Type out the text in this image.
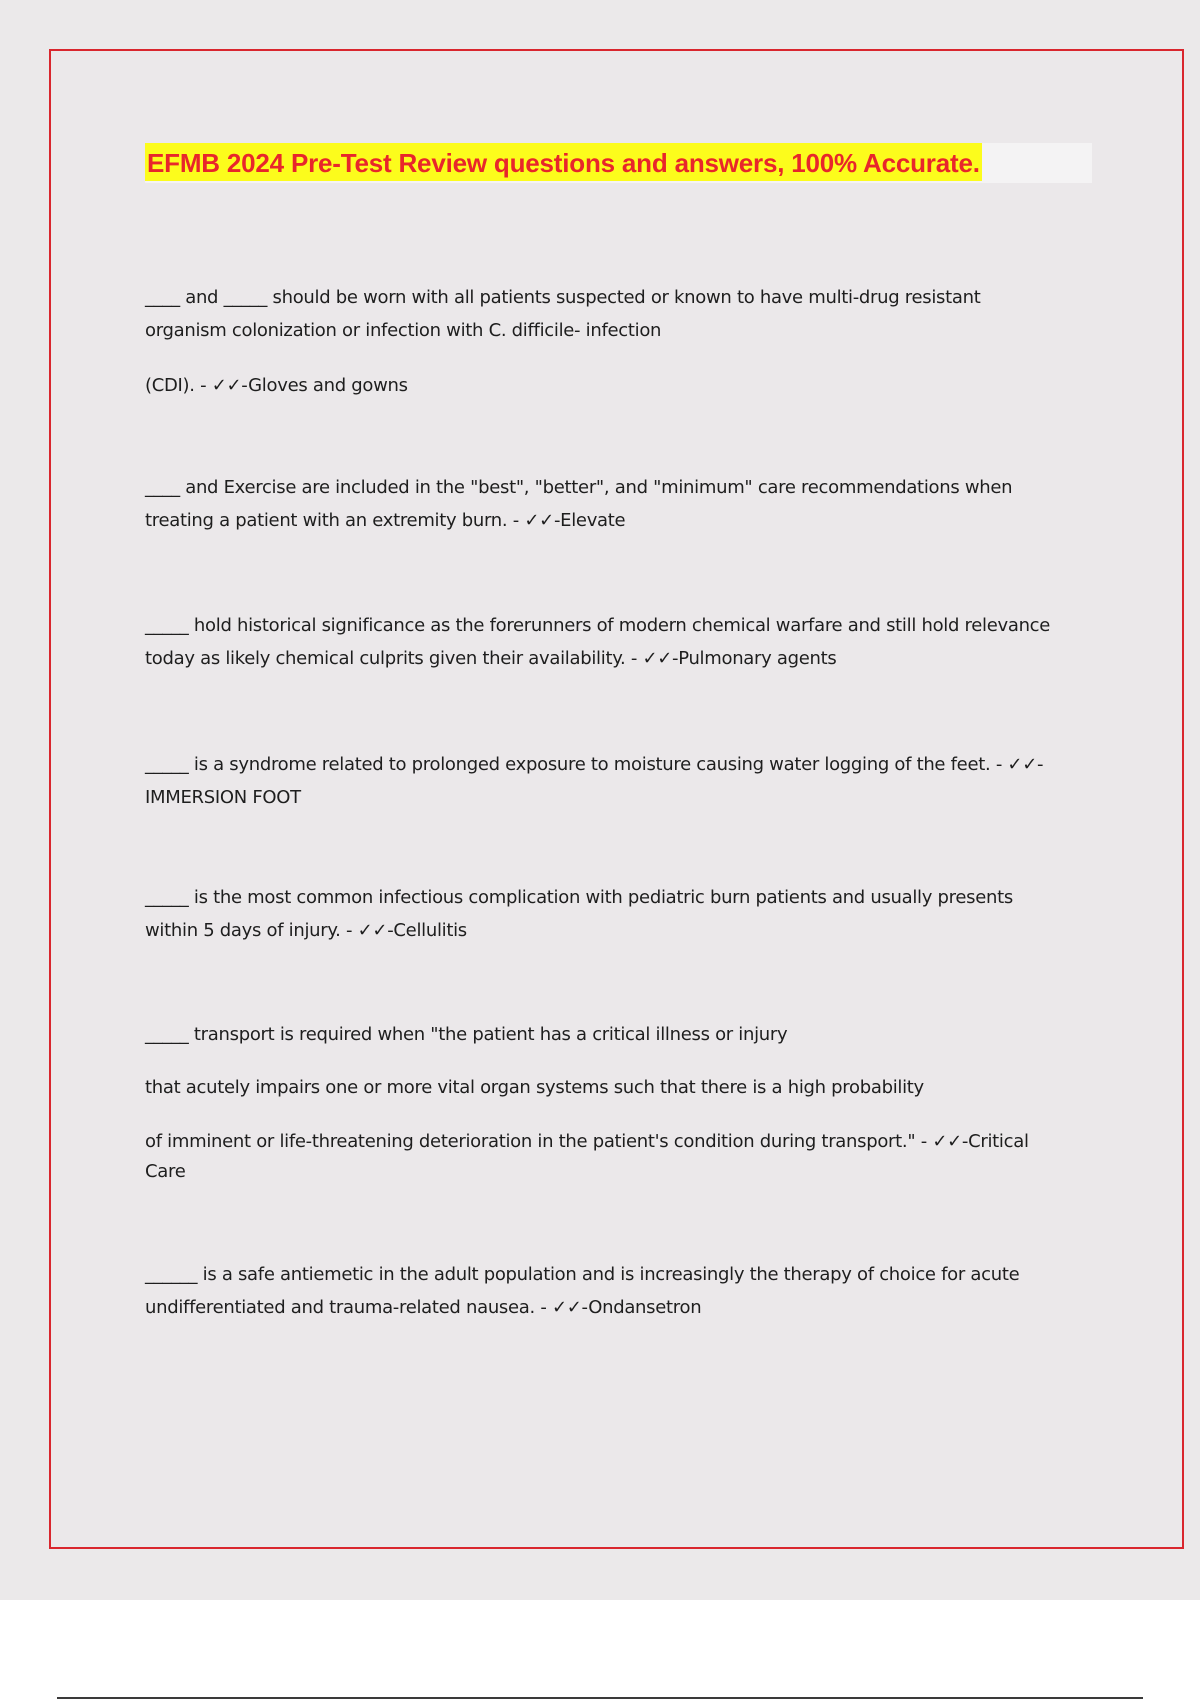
EFMB 2024 Pre-Test Review questions and answers, 100% Accurate.

____ and _____ should be worn with all patients suspected or known to have multi-drug resistant

organism colonization or infection with C. difficile- infection

(CDI). - ✓✓-Gloves and gowns

____ and Exercise are included in the "best", "better", and "minimum" care recommendations when

treating a patient with an extremity burn. - ✓✓-Elevate

_____ hold historical significance as the forerunners of modern chemical warfare and still hold relevance

today as likely chemical culprits given their availability. - ✓✓-Pulmonary agents

_____ is a syndrome related to prolonged exposure to moisture causing water logging of the feet. - ✓✓-

IMMERSION FOOT

_____ is the most common infectious complication with pediatric burn patients and usually presents

within 5 days of injury. - ✓✓-Cellulitis

_____ transport is required when "the patient has a critical illness or injury

that acutely impairs one or more vital organ systems such that there is a high probability

of imminent or life-threatening deterioration in the patient's condition during transport." - ✓✓-Critical

Care

______ is a safe antiemetic in the adult population and is increasingly the therapy of choice for acute

undifferentiated and trauma-related nausea. - ✓✓-Ondansetron
